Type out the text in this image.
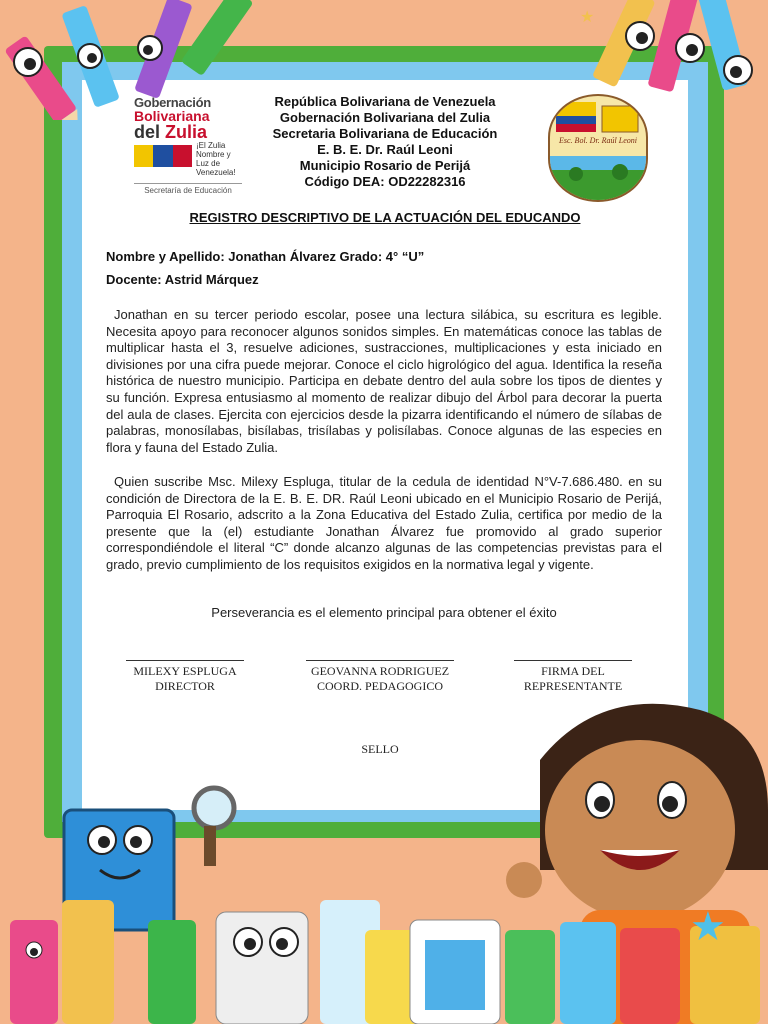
★
Gobernación
Bolivariana
del Zulia
¡El Zulia Nombre y Luz de Venezuela!
Secretaría de Educación
República Bolivariana de Venezuela
Gobernación Bolivariana del Zulia
Secretaria Bolivariana de Educación
E. B. E. Dr. Raúl Leoni
Municipio Rosario de Perijá
Código DEA: OD22282316
Esc. Bol. Dr. Raúl Leoni
REGISTRO DESCRIPTIVO DE LA ACTUACIÓN DEL EDUCANDO
Nombre y Apellido: Jonathan Álvarez Grado: 4° “U”
Docente: Astrid Márquez

Jonathan en su tercer periodo escolar, posee una lectura silábica, su escritura es legible. Necesita apoyo para reconocer algunos sonidos simples. En matemáticas conoce las tablas de multiplicar hasta el 3, resuelve adiciones, sustracciones, multiplicaciones y esta iniciado en divisiones por una cifra puede mejorar. Conoce el ciclo higrológico del agua. Identifica la reseña histórica de nuestro municipio. Participa en debate dentro del aula sobre los tipos de dientes y su función. Expresa entusiasmo al momento de realizar dibujo del Árbol para decorar la puerta del aula de clases. Ejercita con ejercicios desde la pizarra identificando el número de sílabas de palabras, monosílabas, bisílabas, trisílabas y polisílabas. Conoce algunas de las especies en flora y fauna del Estado Zulia.

Quien suscribe Msc. Milexy Espluga, titular de la cedula de identidad N°V-7.686.480. en su condición de Directora de la E. B. E. DR. Raúl Leoni ubicado en el Municipio Rosario de Perijá, Parroquia El Rosario, adscrito a la Zona Educativa del Estado Zulia, certifica por medio de la presente que la (el) estudiante Jonathan Álvarez fue promovido al grado superior correspondiéndole el literal “C” donde alcanzo algunas de las competencias previstas para el grado, previo cumplimiento de los requisitos exigidos en la normativa legal y vigente.

Perseverancia es el elemento principal para obtener el éxito
MILEXY ESPLUGA
DIRECTOR
GEOVANNA RODRIGUEZ
COORD. PEDAGOGICO
FIRMA DEL
REPRESENTANTE
SELLO
★
